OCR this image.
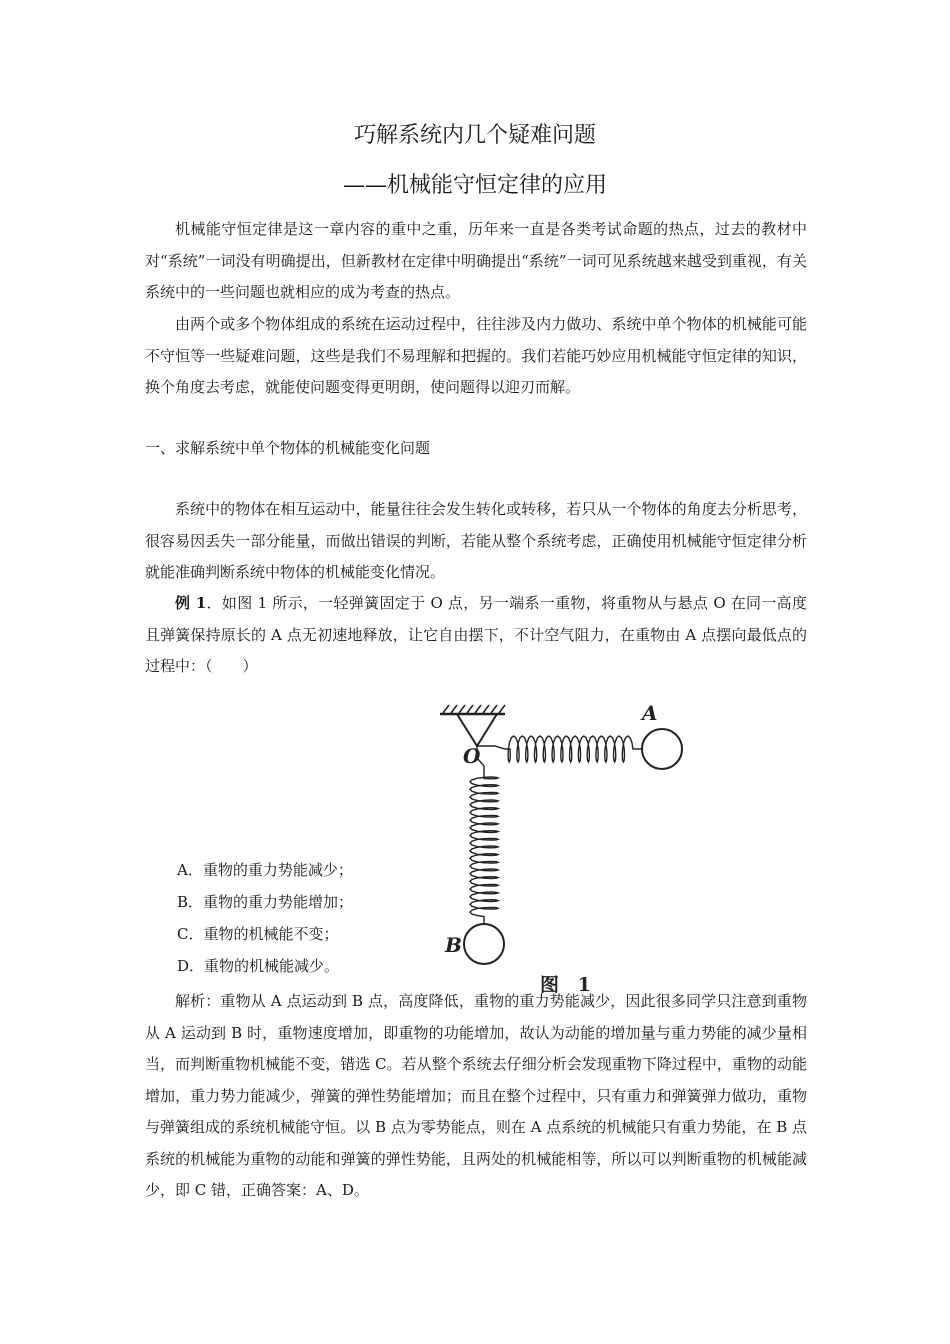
巧解系统内几个疑难问题
——机械能守恒定律的应用

机械能守恒定律是这一章内容的重中之重，历年来一直是各类考试命题的热点，过去的教材中对“系统”一词没有明确提出，但新教材在定律中明确提出“系统”一词可见系统越来越受到重视，有关系统中的一些问题也就相应的成为考查的热点。

由两个或多个物体组成的系统在运动过程中，往往涉及内力做功、系统中单个物体的机械能可能不守恒等一些疑难问题，这些是我们不易理解和把握的。我们若能巧妙应用机械能守恒定律的知识，换个角度去考虑，就能使问题变得更明朗，使问题得以迎刃而解。

一、求解系统中单个物体的机械能变化问题

系统中的物体在相互运动中，能量往往会发生转化或转移，若只从一个物体的角度去分析思考，很容易因丢失一部分能量，而做出错误的判断，若能从整个系统考虑，正确使用机械能守恒定律分析就能准确判断系统中物体的机械能变化情况。

例 1．如图 1 所示，一轻弹簧固定于 O 点，另一端系一重物，将重物从与悬点 O 在同一高度且弹簧保持原长的 A 点无初速地释放，让它自由摆下，不计空气阻力，在重物由 A 点摆向最低点的过程中：（　　）

A．重物的重力势能减少；
B．重物的重力势能增加；
C．重物的机械能不变；
D．重物的机械能减少。
O
A
B
图 1

解析：重物从 A 点运动到 B 点，高度降低，重物的重力势能减少，因此很多同学只注意到重物从 A 运动到 B 时，重物速度增加，即重物的功能增加，故认为动能的增加量与重力势能的减少量相当，而判断重物机械能不变，错选 C。若从整个系统去仔细分析会发现重物下降过程中，重物的动能增加，重力势力能减少，弹簧的弹性势能增加；而且在整个过程中，只有重力和弹簧弹力做功，重物与弹簧组成的系统机械能守恒。以 B 点为零势能点，则在 A 点系统的机械能只有重力势能，在 B 点系统的机械能为重物的动能和弹簧的弹性势能，且两处的机械能相等，所以可以判断重物的机械能减少，即 C 错，正确答案：A、D。
